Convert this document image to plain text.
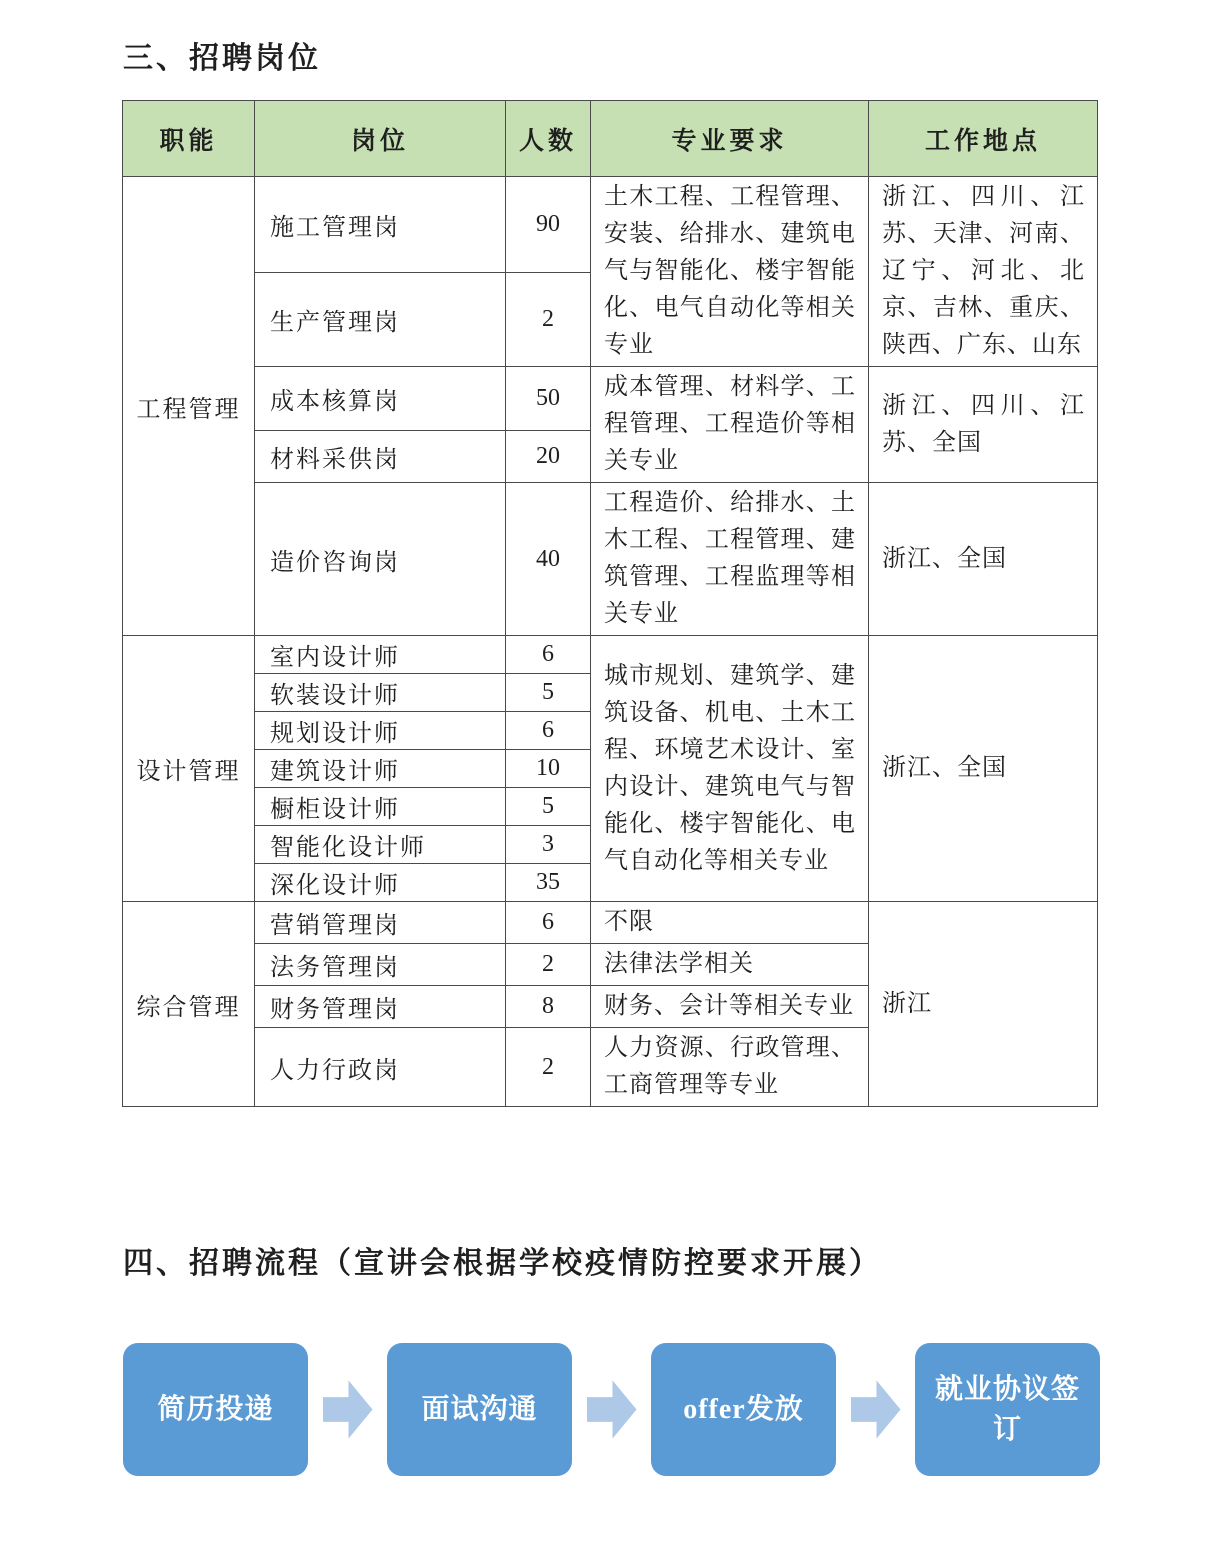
三、招聘岗位
职能	岗位	人数	专业要求	工作地点
工程管理	施工管理岗	90	土木工程、工程管理、安装、给排水、建筑电气与智能化、楼宇智能化、电气自动化等相关专业	浙江、四川、江苏、天津、河南、辽宁、河北、北京、吉林、重庆、陕西、广东、山东
	生产管理岗	2		
	成本核算岗	50	成本管理、材料学、工程管理、工程造价等相关专业	浙江、四川、江苏、全国
	材料采供岗	20		
	造价咨询岗	40	工程造价、给排水、土木工程、工程管理、建筑管理、工程监理等相关专业	浙江、全国
设计管理	室内设计师	6	城市规划、建筑学、建筑设备、机电、土木工程、环境艺术设计、室内设计、建筑电气与智能化、楼宇智能化、电气自动化等相关专业	浙江、全国
	软装设计师	5		
	规划设计师	6		
	建筑设计师	10		
	橱柜设计师	5		
	智能化设计师	3		
	深化设计师	35		
综合管理	营销管理岗	6	不限	浙江
	法务管理岗	2	法律法学相关	
	财务管理岗	8	财务、会计等相关专业	
	人力行政岗	2	人力资源、行政管理、工商管理等专业	
四、招聘流程（宣讲会根据学校疫情防控要求开展）
简历投递	面试沟通	offer发放
就业协议签订
